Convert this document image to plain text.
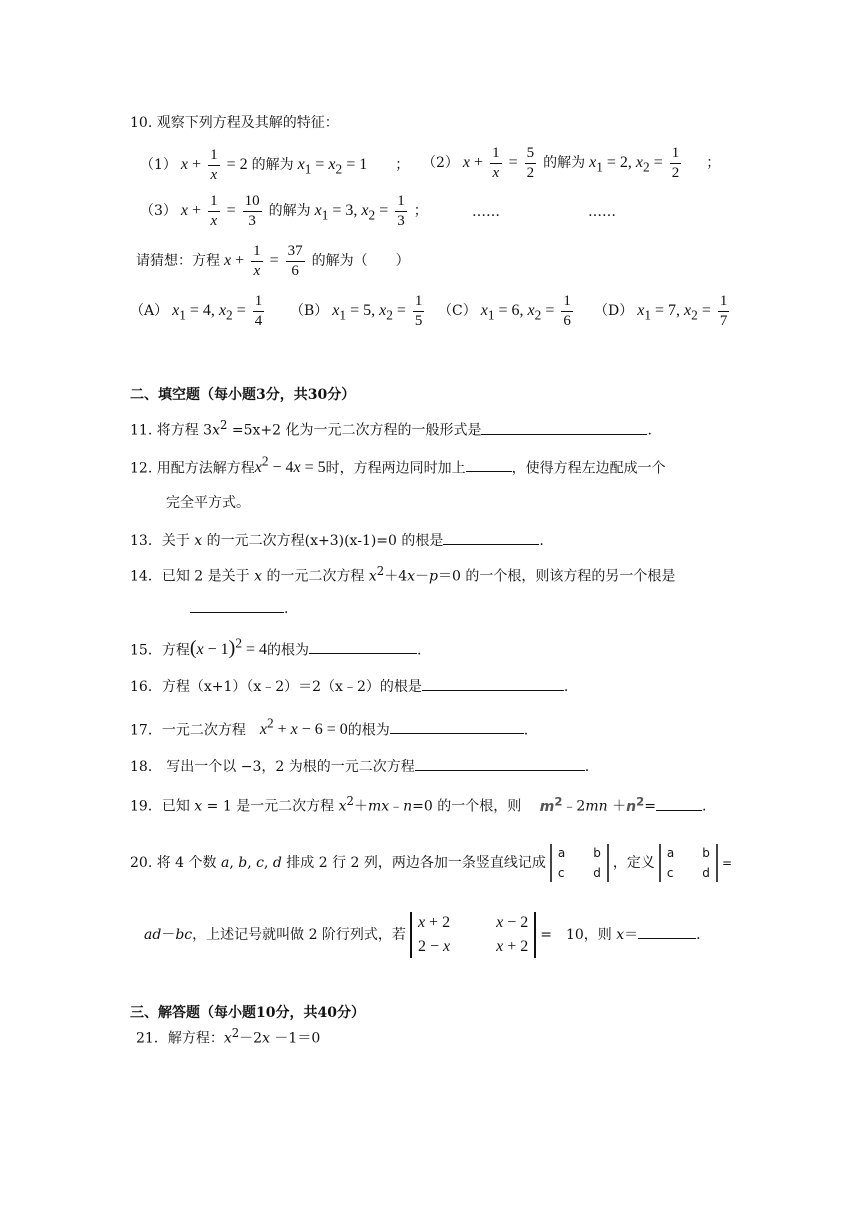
10. 观察下列方程及其解的特征：
（1） $x + \frac{1}{x} = 2$ 的解为 $x_1 = x_2 = 1$ ； （2） $x + \frac{1}{x} = \frac{5}{2}$ 的解为 $x_1 = 2$, $x_2 = \frac{1}{2}$ ；
（3） $x + \frac{1}{x} = \frac{10}{3}$ 的解为 $x_1 = 3$, $x_2 = \frac{1}{3}$ ；	……	……
请猜想：方程 $x + \frac{1}{x} = \frac{37}{6}$ 的解为（　　）
（A） $x_1 = 4$, $x_2 = \frac{1}{4} (B) x_1 = 5$, $x_2 = \frac{1}{5} (C) x_1 = 6$, $x_2 = \frac{1}{6} (D) x_1 = 7$, $x_2 = \frac{1}{7}$
二、填空题（每小题3分，共30分）
11. 将方程 $3x^2 =5x+2$ 化为一元二次方程的一般形式是	.
12. 用配方法解方程$x^2 - 4x = 5$时，方程两边同时加上	，使得方程左边配成一个
完全平方式。
13．关于 x 的一元二次方程(x+3)(x-1)=0 的根是	.
14．已知 2 是关于 x 的一元二次方程 $x^2+4x-p=0$ 的一个根，则该方程的另一个根是
.
15．方程$(x - 1)^2 = 4$的根为	.
16．方程（x+1）（x﹣2）＝2（x﹣2）的根是	.
17．一元二次方程　 $x^2 + x - 6 = 0$的根为	.
18． 写出一个以 −3，2 为根的一元二次方程	.
19．已知 x = 1 是一元二次方程 $x^2+mx﹣n=0$ 的一个根，则　 $m^2﹣2mn +n^2=$	.
20. 将 4 个数 a, b, c, d 排成 2 行 2 列，两边各加一条竖直线记成
a b
c d
，定义
a b
c d
=
ad－bc，上述记号就叫做 2 阶行列式，若
x + 2	x − 2
2 − x	x + 2
=　10，则 x＝	．
三、解答题（每小题10分，共40分）
21．解方程：$x^2-2x -1=0$
